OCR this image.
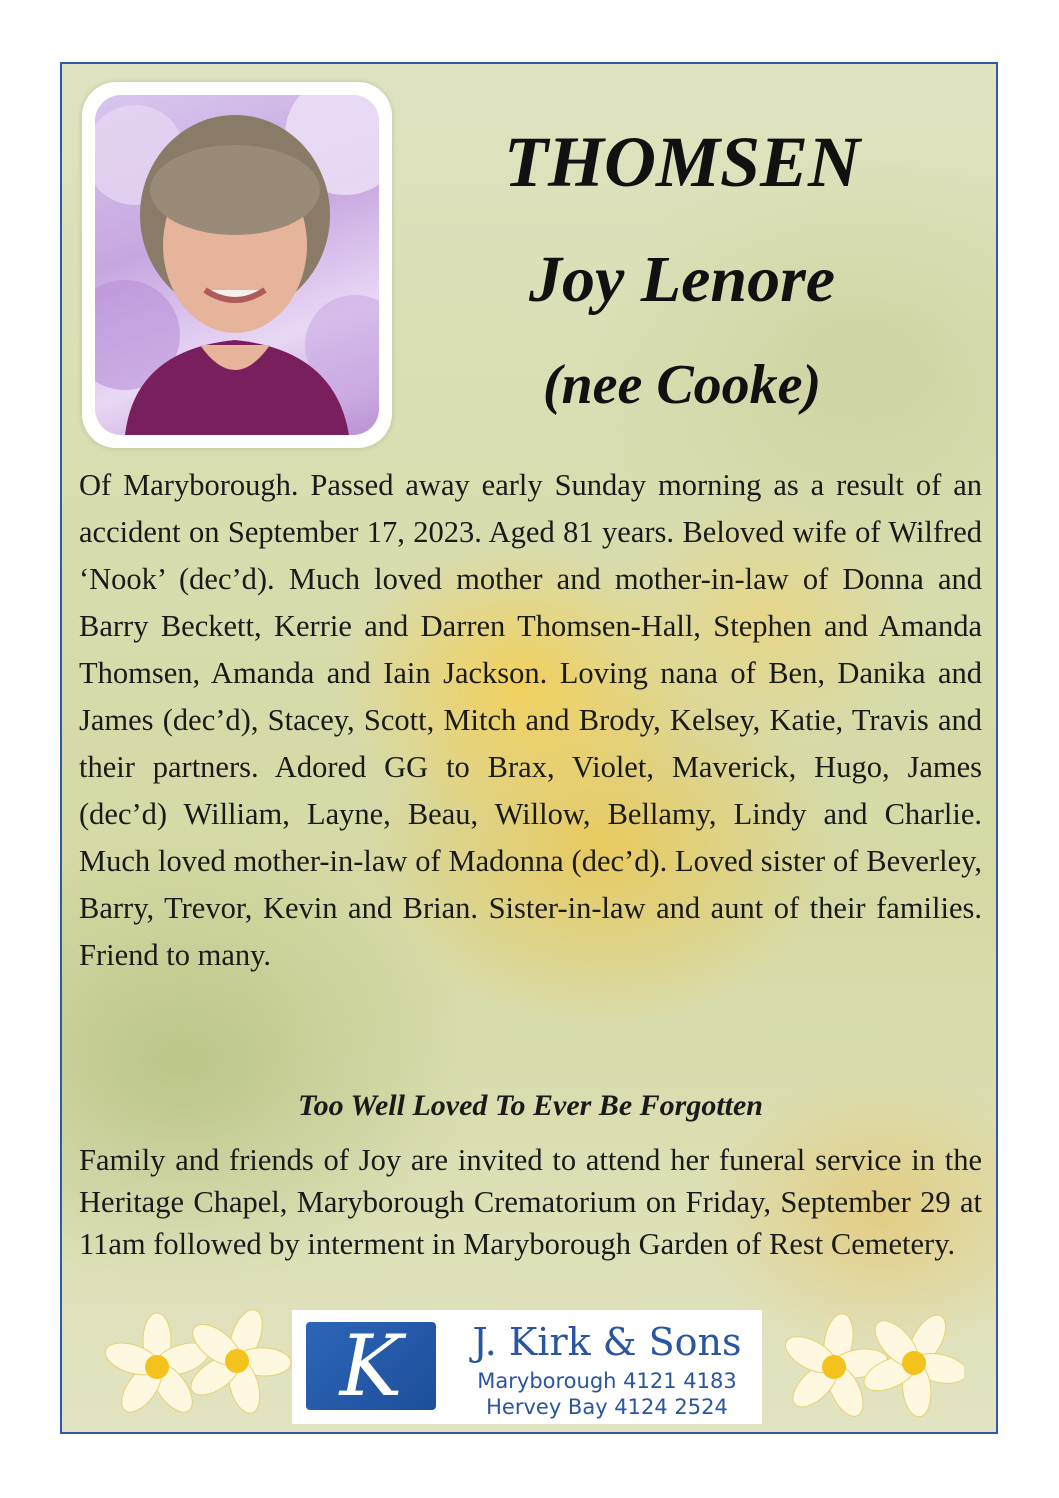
THOMSEN
Joy Lenore
(nee Cooke)
Of Maryborough. Passed away early Sunday morning as a result of an accident on September 17, 2023. Aged 81 years. Beloved wife of Wilfred ‘Nook’ (dec’d). Much loved mother and mother-in-law of Donna and Barry Beckett, Kerrie and Darren Thomsen-Hall, Stephen and Amanda Thomsen, Amanda and Iain Jackson. Loving nana of Ben, Danika and James (dec’d), Stacey, Scott, Mitch and Brody, Kelsey, Katie, Travis and their partners. Adored GG to Brax, Violet, Maverick, Hugo, James (dec’d) William, Layne, Beau, Willow, Bellamy, Lindy and Charlie. Much loved mother-in-law of Madonna (dec’d). Loved sister of Beverley, Barry, Trevor, Kevin and Brian. Sister-in-law and aunt of their families. Friend to many.
Too Well Loved To Ever Be Forgotten
Family and friends of Joy are invited to attend her funeral service in the Heritage Chapel, Maryborough Crematorium on Friday, September 29 at 11am followed by interment in Maryborough Garden of Rest Cemetery.
K	J. Kirk & Sons
Maryborough 4121 4183
Hervey Bay 4124 2524
